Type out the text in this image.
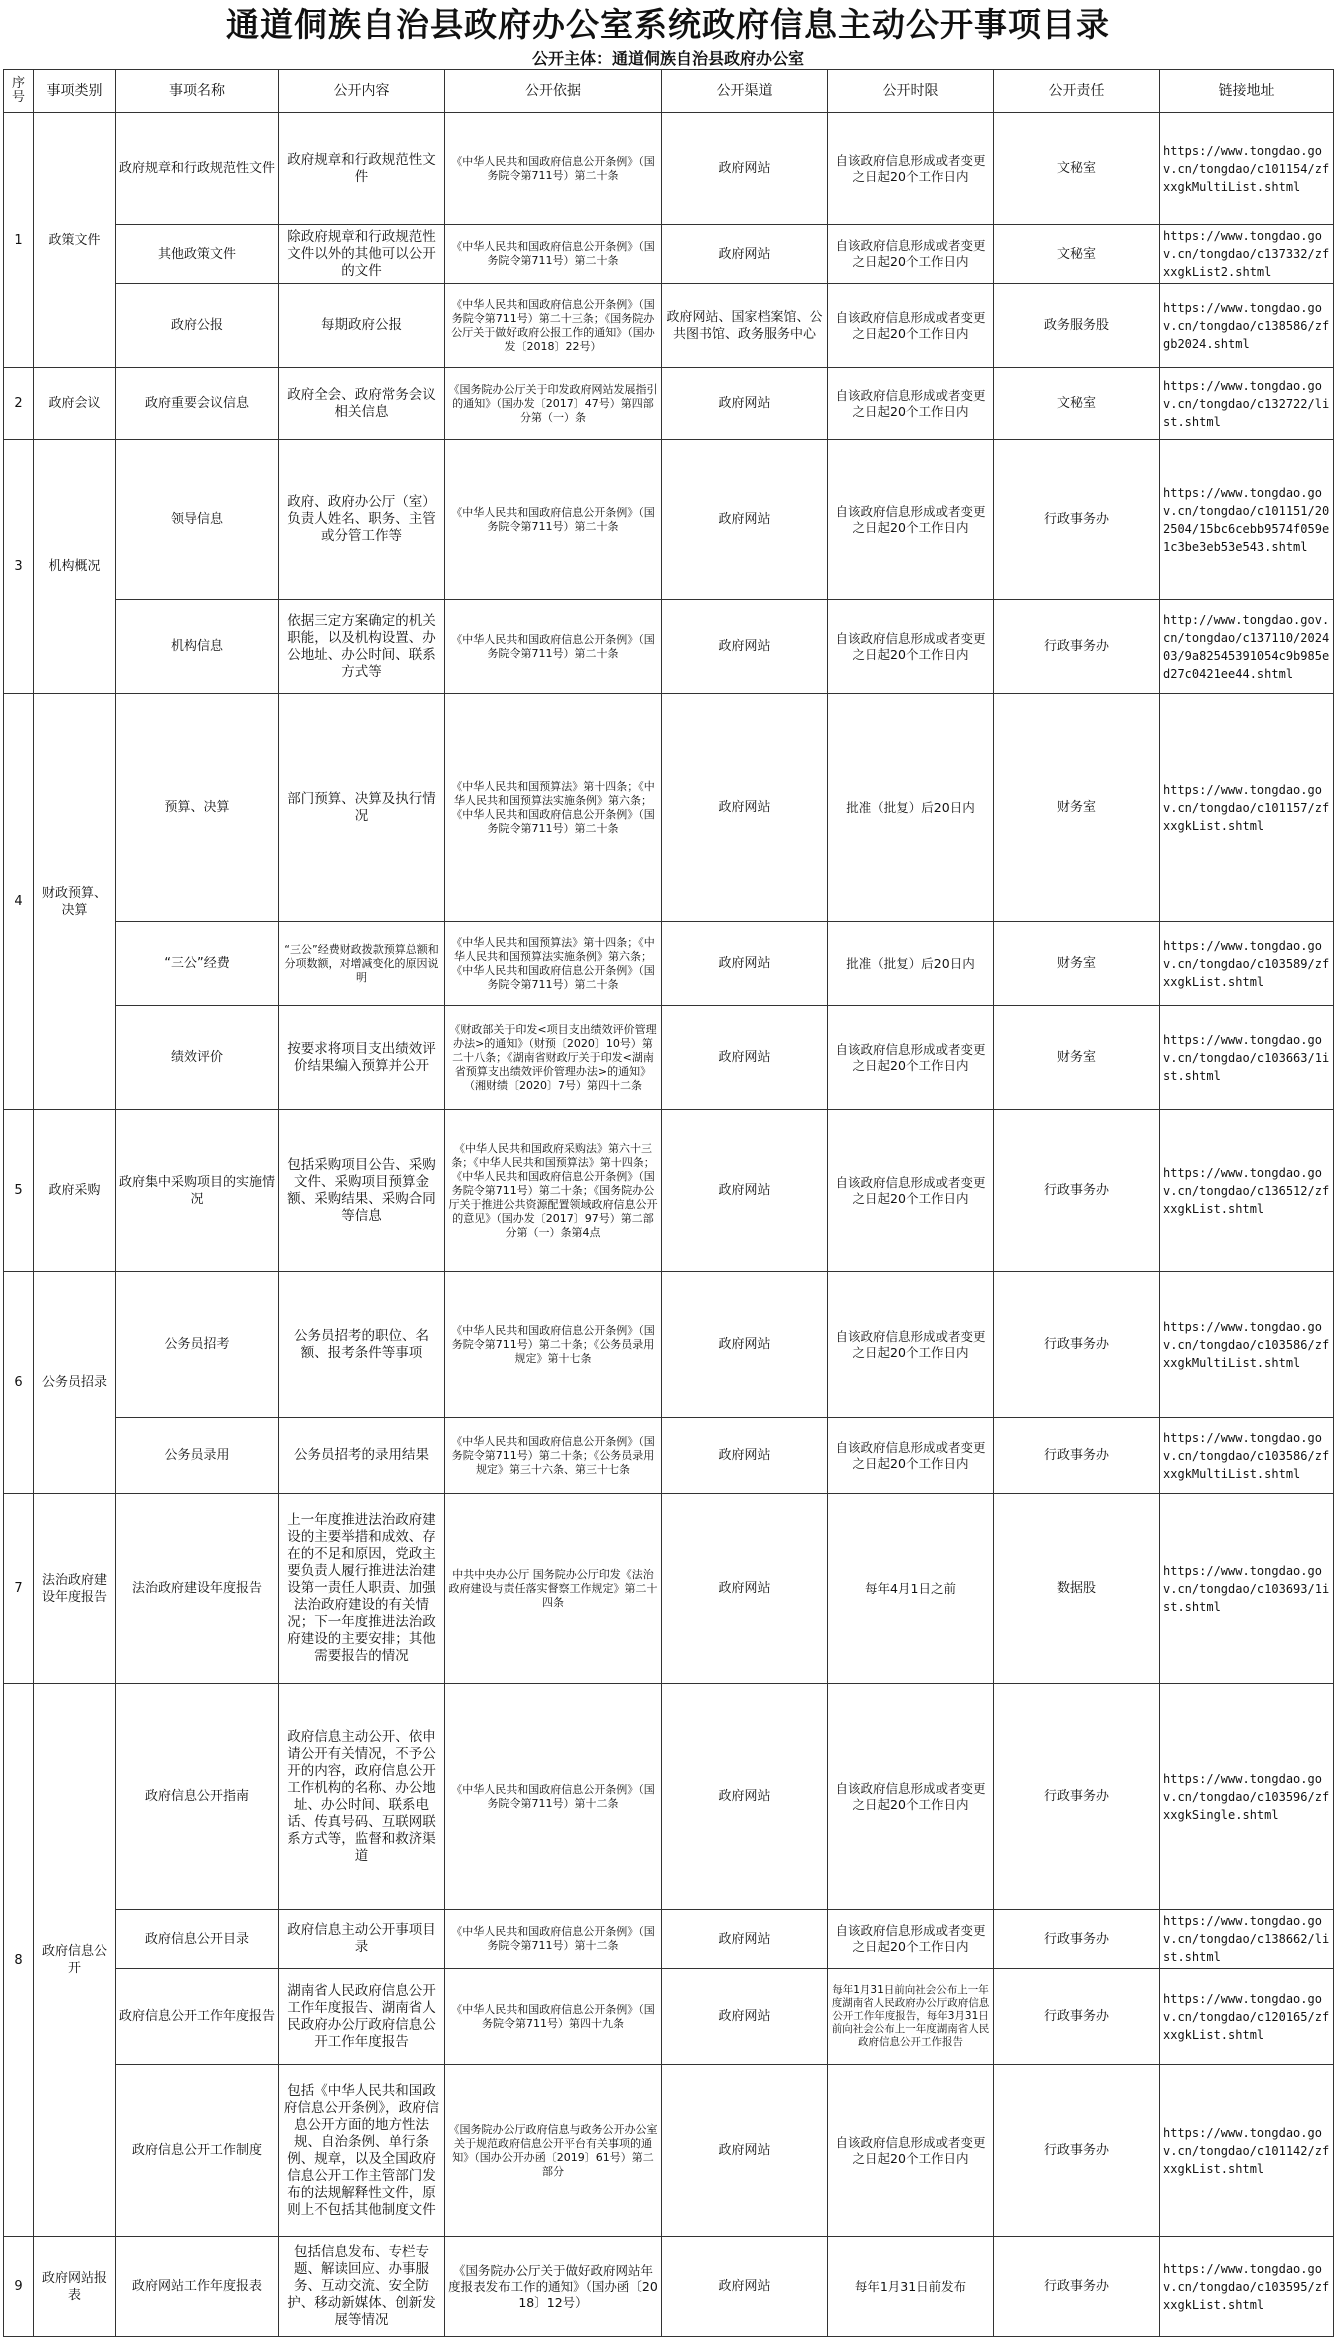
通道侗族自治县政府办公室系统政府信息主动公开事项目录
公开主体：通道侗族自治县政府办公室
序号	事项类别	事项名称	公开内容	公开依据	公开渠道	公开时限	公开责任	链接地址
1	政策文件	政府规章和行政规范性文件	政府规章和行政规范性文件	《中华人民共和国政府信息公开条例》（国务院令第711号）第二十条	政府网站	自该政府信息形成或者变更之日起20个工作日内	文秘室	https://www.tongdao.gov.cn/tongdao/c101154/zfxxgkMultiList.shtml
		其他政策文件	除政府规章和行政规范性文件以外的其他可以公开的文件	《中华人民共和国政府信息公开条例》（国务院令第711号）第二十条	政府网站	自该政府信息形成或者变更之日起20个工作日内	文秘室	https://www.tongdao.gov.cn/tongdao/c137332/zfxxgkList2.shtml
		政府公报	每期政府公报	《中华人民共和国政府信息公开条例》（国务院令第711号）第二十三条；《国务院办公厅关于做好政府公报工作的通知》（国办发〔2018〕22号）	政府网站、国家档案馆、公共图书馆、政务服务中心	自该政府信息形成或者变更之日起20个工作日内	政务服务股	https://www.tongdao.gov.cn/tongdao/c138586/zfgb2024.shtml
2	政府会议	政府重要会议信息	政府全会、政府常务会议相关信息	《国务院办公厅关于印发政府网站发展指引的通知》（国办发〔2017〕47号）第四部分第（一）条	政府网站	自该政府信息形成或者变更之日起20个工作日内	文秘室	https://www.tongdao.gov.cn/tongdao/c132722/list.shtml
3	机构概况	领导信息	政府、政府办公厅（室）负责人姓名、职务、主管或分管工作等	《中华人民共和国政府信息公开条例》（国务院令第711号）第二十条	政府网站	自该政府信息形成或者变更之日起20个工作日内	行政事务办	https://www.tongdao.gov.cn/tongdao/c101151/202504/15bc6cebb9574f059e1c3be3eb53e543.shtml
		机构信息	依据三定方案确定的机关职能，以及机构设置、办公地址、办公时间、联系方式等	《中华人民共和国政府信息公开条例》（国务院令第711号）第二十条	政府网站	自该政府信息形成或者变更之日起20个工作日内	行政事务办	http://www.tongdao.gov.cn/tongdao/c137110/202403/9a82545391054c9b985ed27c0421ee44.shtml
4	财政预算、决算	预算、决算	部门预算、决算及执行情况	《中华人民共和国预算法》第十四条；《中华人民共和国预算法实施条例》第六条；《中华人民共和国政府信息公开条例》（国务院令第711号）第二十条	政府网站	批准（批复）后20日内	财务室	https://www.tongdao.gov.cn/tongdao/c101157/zfxxgkList.shtml
		“三公”经费	“三公”经费财政拨款预算总额和分项数额，对增减变化的原因说明	《中华人民共和国预算法》第十四条；《中华人民共和国预算法实施条例》第六条；《中华人民共和国政府信息公开条例》（国务院令第711号）第二十条	政府网站	批准（批复）后20日内	财务室	https://www.tongdao.gov.cn/tongdao/c103589/zfxxgkList.shtml
		绩效评价	按要求将项目支出绩效评价结果编入预算并公开	《财政部关于印发<项目支出绩效评价管理办法>的通知》（财预〔2020〕10号）第二十八条；《湖南省财政厅关于印发<湖南省预算支出绩效评价管理办法>的通知》（湘财绩〔2020〕7号）第四十二条	政府网站	自该政府信息形成或者变更之日起20个工作日内	财务室	https://www.tongdao.gov.cn/tongdao/c103663/1ist.shtml
5	政府采购	政府集中采购项目的实施情况	包括采购项目公告、采购文件、采购项目预算金额、采购结果、采购合同等信息	《中华人民共和国政府采购法》第六十三条；《中华人民共和国预算法》第十四条；《中华人民共和国政府信息公开条例》（国务院令第711号）第二十条；《国务院办公厅关于推进公共资源配置领域政府信息公开的意见》（国办发〔2017〕97号）第二部分第（一）条第4点	政府网站	自该政府信息形成或者变更之日起20个工作日内	行政事务办	https://www.tongdao.gov.cn/tongdao/c136512/zfxxgkList.shtml
6	公务员招录	公务员招考	公务员招考的职位、名额、报考条件等事项	《中华人民共和国政府信息公开条例》（国务院令第711号）第二十条；《公务员录用规定》第十七条	政府网站	自该政府信息形成或者变更之日起20个工作日内	行政事务办	https://www.tongdao.gov.cn/tongdao/c103586/zfxxgkMultiList.shtml
		公务员录用	公务员招考的录用结果	《中华人民共和国政府信息公开条例》（国务院令第711号）第二十条；《公务员录用规定》第三十六条、第三十七条	政府网站	自该政府信息形成或者变更之日起20个工作日内	行政事务办	https://www.tongdao.gov.cn/tongdao/c103586/zfxxgkMultiList.shtml
7	法治政府建设年度报告	法治政府建设年度报告	上一年度推进法治政府建设的主要举措和成效、存在的不足和原因，党政主要负责人履行推进法治建设第一责任人职责、加强法治政府建设的有关情况；下一年度推进法治政府建设的主要安排；其他需要报告的情况	中共中央办公厅 国务院办公厅印发《法治政府建设与责任落实督察工作规定》第二十四条	政府网站	每年4月1日之前	数据股	https://www.tongdao.gov.cn/tongdao/c103693/1ist.shtml
8	政府信息公开	政府信息公开指南	政府信息主动公开、依申请公开有关情况，不予公开的内容，政府信息公开工作机构的名称、办公地址、办公时间、联系电话、传真号码、互联网联系方式等，监督和救济渠道	《中华人民共和国政府信息公开条例》（国务院令第711号）第十二条	政府网站	自该政府信息形成或者变更之日起20个工作日内	行政事务办	https://www.tongdao.gov.cn/tongdao/c103596/zfxxgkSingle.shtml
		政府信息公开目录	政府信息主动公开事项目录	《中华人民共和国政府信息公开条例》（国务院令第711号）第十二条	政府网站	自该政府信息形成或者变更之日起20个工作日内	行政事务办	https://www.tongdao.gov.cn/tongdao/c138662/list.shtml
		政府信息公开工作年度报告	湖南省人民政府信息公开工作年度报告、湖南省人民政府办公厅政府信息公开工作年度报告	《中华人民共和国政府信息公开条例》（国务院令第711号）第四十九条	政府网站	每年1月31日前向社会公布上一年度湖南省人民政府办公厅政府信息公开工作年度报告，每年3月31日前向社会公布上一年度湖南省人民政府信息公开工作报告	行政事务办	https://www.tongdao.gov.cn/tongdao/c120165/zfxxgkList.shtml
		政府信息公开工作制度	包括《中华人民共和国政府信息公开条例》，政府信息公开方面的地方性法规、自治条例、单行条例、规章，以及全国政府信息公开工作主管部门发布的法规解释性文件，原则上不包括其他制度文件	《国务院办公厅政府信息与政务公开办公室关于规范政府信息公开平台有关事项的通知》（国办公开办函〔2019〕61号）第二部分	政府网站	自该政府信息形成或者变更之日起20个工作日内	行政事务办	https://www.tongdao.gov.cn/tongdao/c101142/zfxxgkList.shtml
9	政府网站报表	政府网站工作年度报表	包括信息发布、专栏专题、解读回应、办事服务、互动交流、安全防护、移动新媒体、创新发展等情况	《国务院办公厅关于做好政府网站年度报表发布工作的通知》（国办函〔2018〕12号）	政府网站	每年1月31日前发布	行政事务办	https://www.tongdao.gov.cn/tongdao/c103595/zfxxgkList.shtml
